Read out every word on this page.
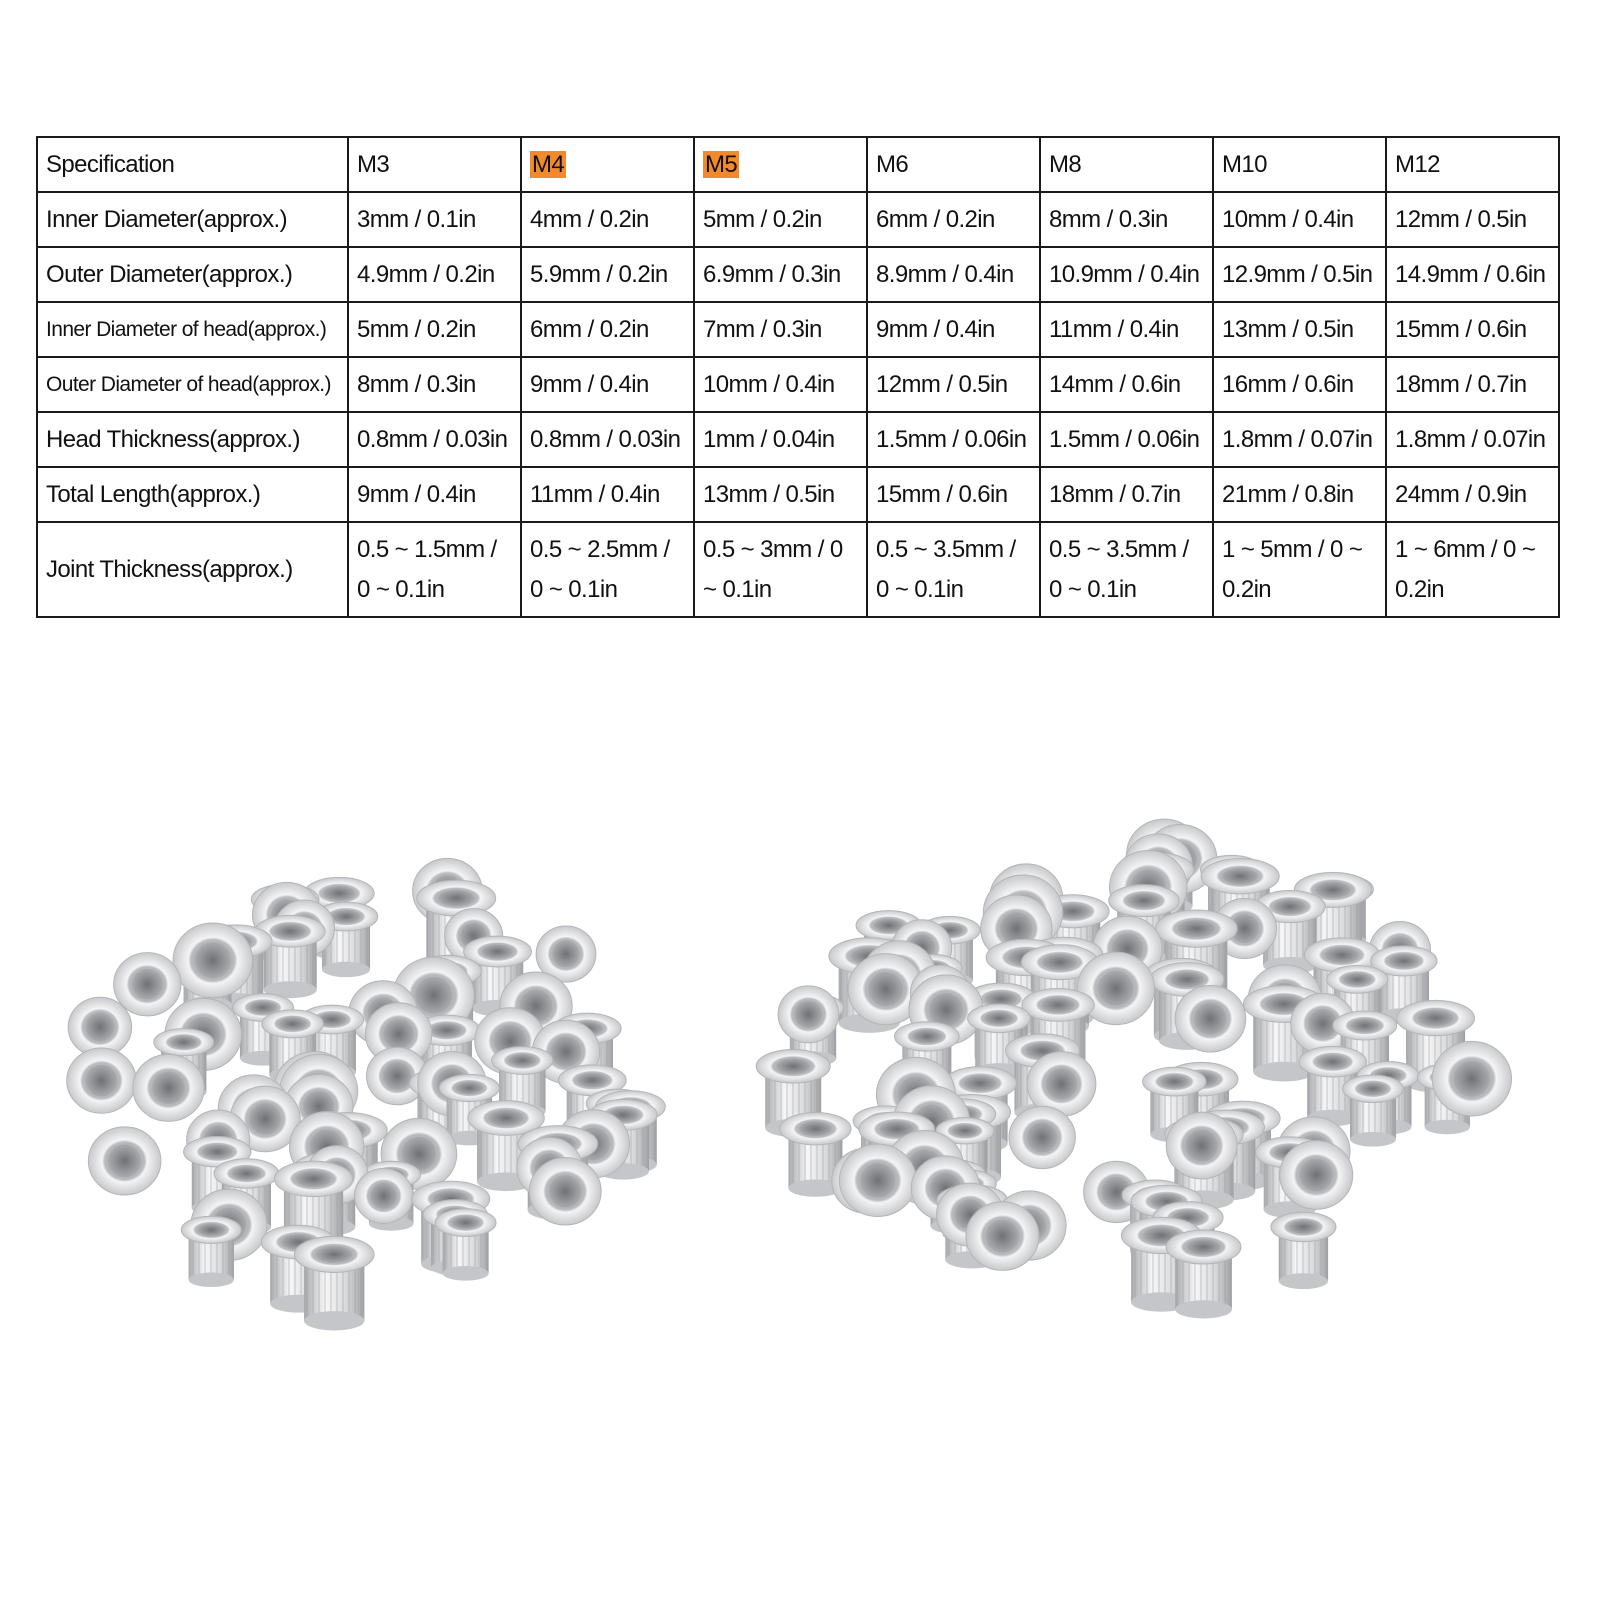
Specification	M3	M4	M5	M6	M8	M10	M12
Inner Diameter(approx.)	3mm / 0.1in	4mm / 0.2in	5mm / 0.2in	6mm / 0.2in	8mm / 0.3in	10mm / 0.4in	12mm / 0.5in
Outer Diameter(approx.)	4.9mm / 0.2in	5.9mm / 0.2in	6.9mm / 0.3in	8.9mm / 0.4in	10.9mm / 0.4in	12.9mm / 0.5in	14.9mm / 0.6in
Inner Diameter of head(approx.)	5mm / 0.2in	6mm / 0.2in	7mm / 0.3in	9mm / 0.4in	11mm / 0.4in	13mm / 0.5in	15mm / 0.6in
Outer Diameter of head(approx.)	8mm / 0.3in	9mm / 0.4in	10mm / 0.4in	12mm / 0.5in	14mm / 0.6in	16mm / 0.6in	18mm / 0.7in
Head Thickness(approx.)	0.8mm / 0.03in	0.8mm / 0.03in	1mm / 0.04in	1.5mm / 0.06in	1.5mm / 0.06in	1.8mm / 0.07in	1.8mm / 0.07in
Total Length(approx.)	9mm / 0.4in	11mm / 0.4in	13mm / 0.5in	15mm / 0.6in	18mm / 0.7in	21mm / 0.8in	24mm / 0.9in
Joint Thickness(approx.)	0.5 ~ 1.5mm / 0 ~ 0.1in	0.5 ~ 2.5mm / 0 ~ 0.1in	0.5 ~ 3mm / 0 ~ 0.1in	0.5 ~ 3.5mm / 0 ~ 0.1in	0.5 ~ 3.5mm / 0 ~ 0.1in	1 ~ 5mm / 0 ~ 0.2in	1 ~ 6mm / 0 ~ 0.2in
